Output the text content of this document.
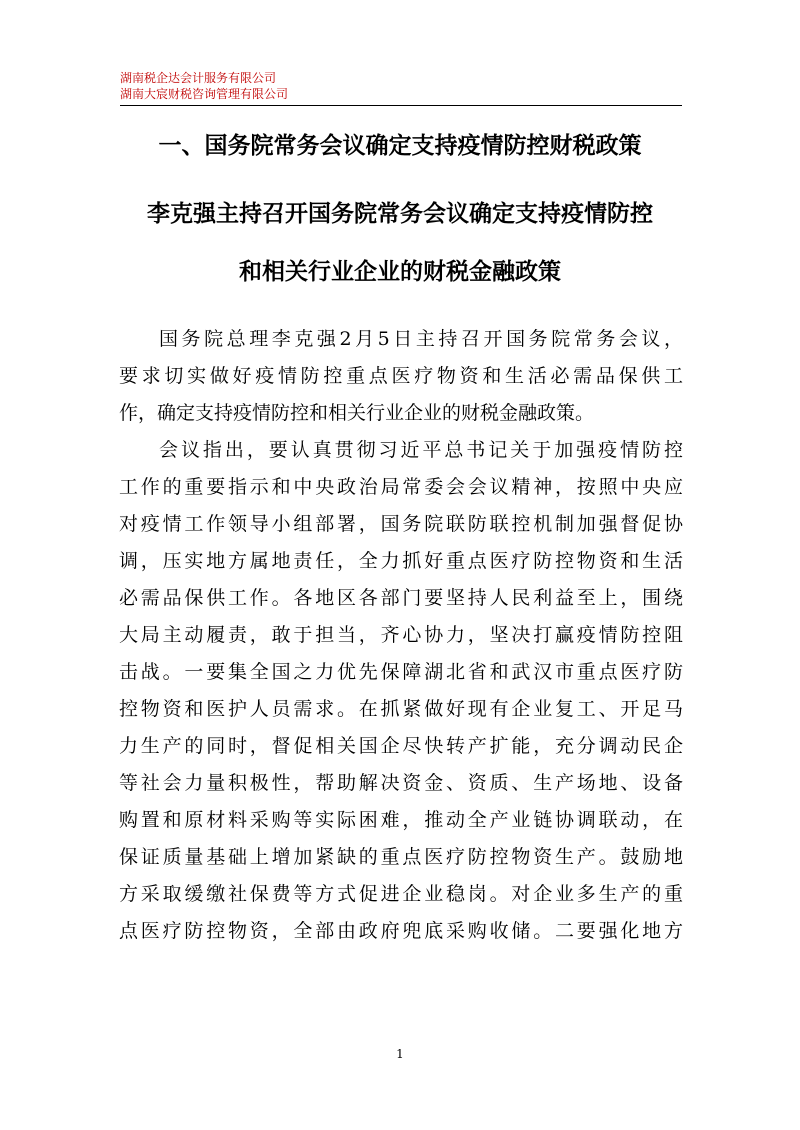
湖南税企达会计服务有限公司
湖南大宸财税咨询管理有限公司
一、国务院常务会议确定支持疫情防控财税政策
李克强主持召开国务院常务会议确定支持疫情防控
和相关行业企业的财税金融政策
国务院总理李克强2月5日主持召开国务院常务会议，
要求切实做好疫情防控重点医疗物资和生活必需品保供工
作，确定支持疫情防控和相关行业企业的财税金融政策。
会议指出，要认真贯彻习近平总书记关于加强疫情防控
工作的重要指示和中央政治局常委会会议精神，按照中央应
对疫情工作领导小组部署，国务院联防联控机制加强督促协
调，压实地方属地责任，全力抓好重点医疗防控物资和生活
必需品保供工作。各地区各部门要坚持人民利益至上，围绕
大局主动履责，敢于担当，齐心协力，坚决打赢疫情防控阻
击战。一要集全国之力优先保障湖北省和武汉市重点医疗防
控物资和医护人员需求。在抓紧做好现有企业复工、开足马
力生产的同时，督促相关国企尽快转产扩能，充分调动民企
等社会力量积极性，帮助解决资金、资质、生产场地、设备
购置和原材料采购等实际困难，推动全产业链协调联动，在
保证质量基础上增加紧缺的重点医疗防控物资生产。鼓励地
方采取缓缴社保费等方式促进企业稳岗。对企业多生产的重
点医疗防控物资，全部由政府兜底采购收储。二要强化地方
1
